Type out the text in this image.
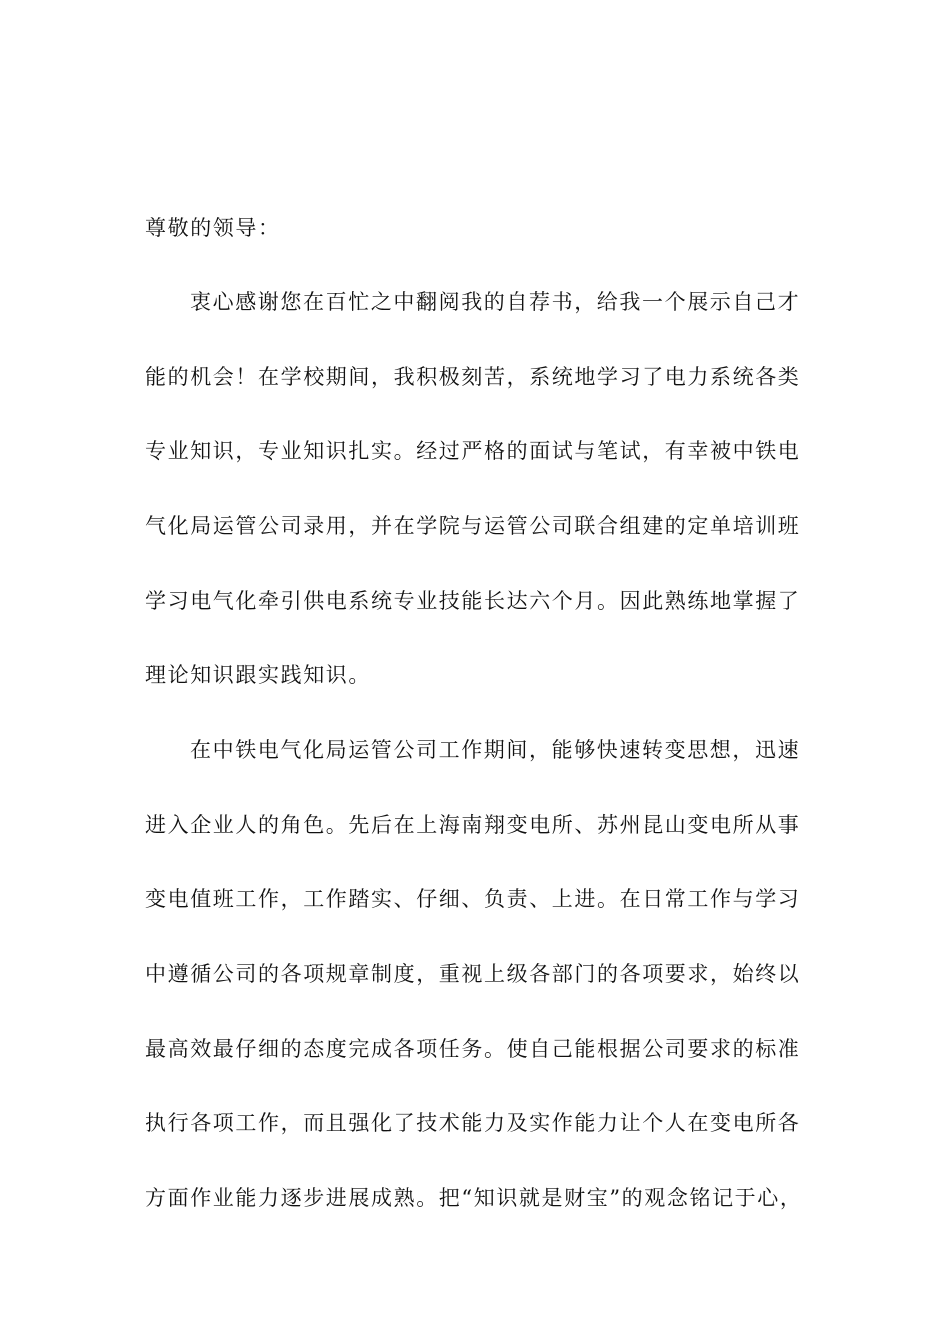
尊敬的领导：
衷心感谢您在百忙之中翻阅我的自荐书，给我一个展示自己才
能的机会！在学校期间，我积极刻苦，系统地学习了电力系统各类
专业知识，专业知识扎实。经过严格的面试与笔试，有幸被中铁电
气化局运管公司录用，并在学院与运管公司联合组建的定单培训班
学习电气化牵引供电系统专业技能长达六个月。因此熟练地掌握了
理论知识跟实践知识。
在中铁电气化局运管公司工作期间，能够快速转变思想，迅速
进入企业人的角色。先后在上海南翔变电所、苏州昆山变电所从事
变电值班工作，工作踏实、仔细、负责、上进。在日常工作与学习
中遵循公司的各项规章制度，重视上级各部门的各项要求，始终以
最高效最仔细的态度完成各项任务。使自己能根据公司要求的标准
执行各项工作，而且强化了技术能力及实作能力让个人在变电所各
方面作业能力逐步进展成熟。把“知识就是财宝”的观念铭记于心，
